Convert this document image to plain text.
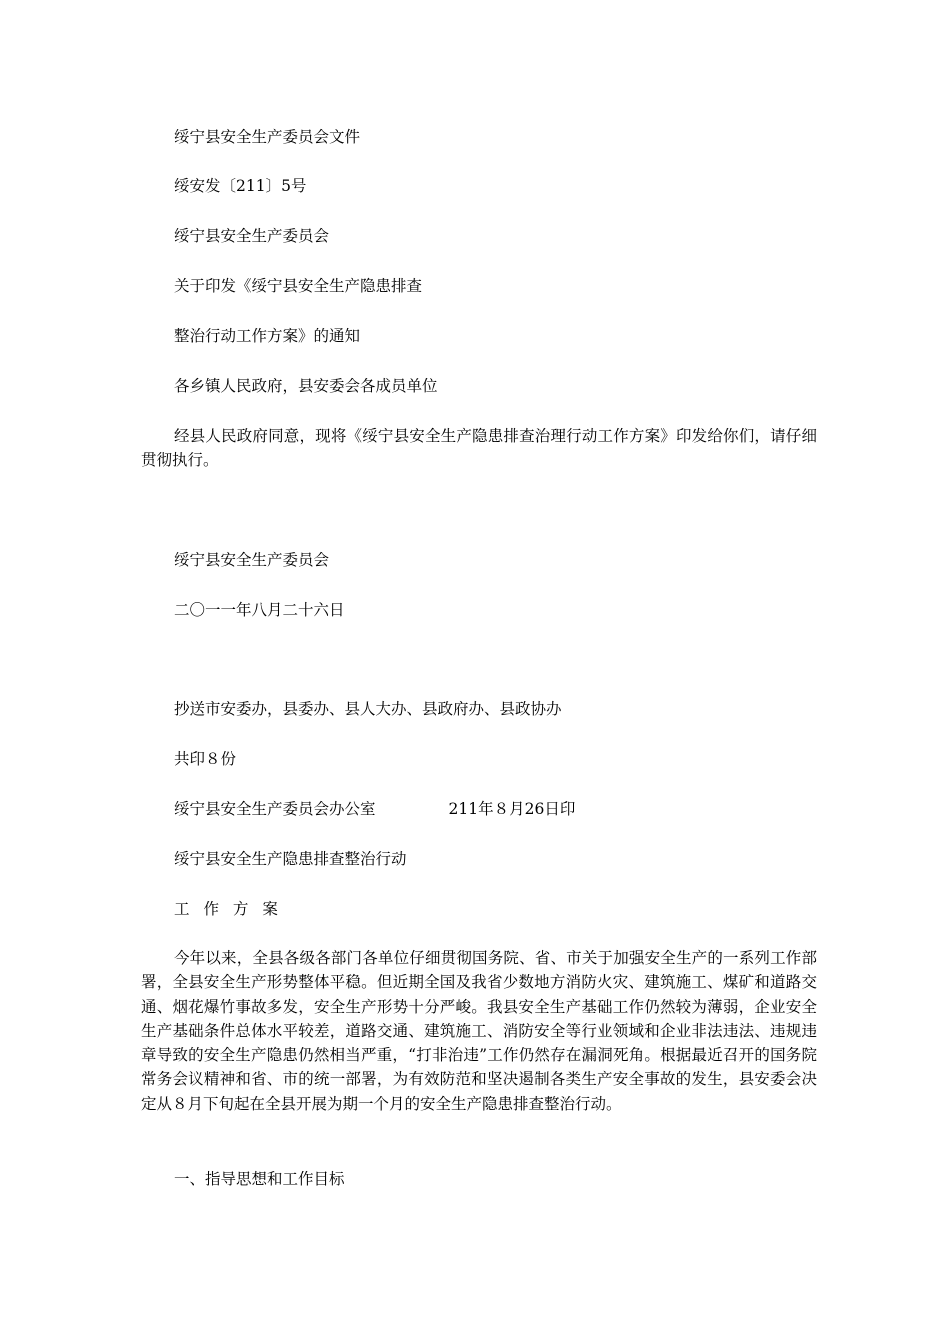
绥宁县安全生产委员会文件
绥安发〔211〕5号
绥宁县安全生产委员会
关于印发《绥宁县安全生产隐患排查
整治行动工作方案》的通知
各乡镇人民政府，县安委会各成员单位
经县人民政府同意，现将《绥宁县安全生产隐患排查治理行动工作方案》印发给你们，请仔细贯彻执行。
绥宁县安全生产委员会
二〇一一年八月二十六日
抄送市安委办，县委办、县人大办、县政府办、县政协办
共印８份
绥宁县安全生产委员会办公室	211年８月26日印
绥宁县安全生产隐患排查整治行动
工作方案
今年以来，全县各级各部门各单位仔细贯彻国务院、省、市关于加强安全生产的一系列工作部署，全县安全生产形势整体平稳。但近期全国及我省少数地方消防火灾、建筑施工、煤矿和道路交通、烟花爆竹事故多发，安全生产形势十分严峻。我县安全生产基础工作仍然较为薄弱，企业安全生产基础条件总体水平较差，道路交通、建筑施工、消防安全等行业领域和企业非法违法、违规违章导致的安全生产隐患仍然相当严重，“打非治违”工作仍然存在漏洞死角。根据最近召开的国务院常务会议精神和省、市的统一部署，为有效防范和坚决遏制各类生产安全事故的发生，县安委会决定从８月下旬起在全县开展为期一个月的安全生产隐患排查整治行动。
一、指导思想和工作目标
